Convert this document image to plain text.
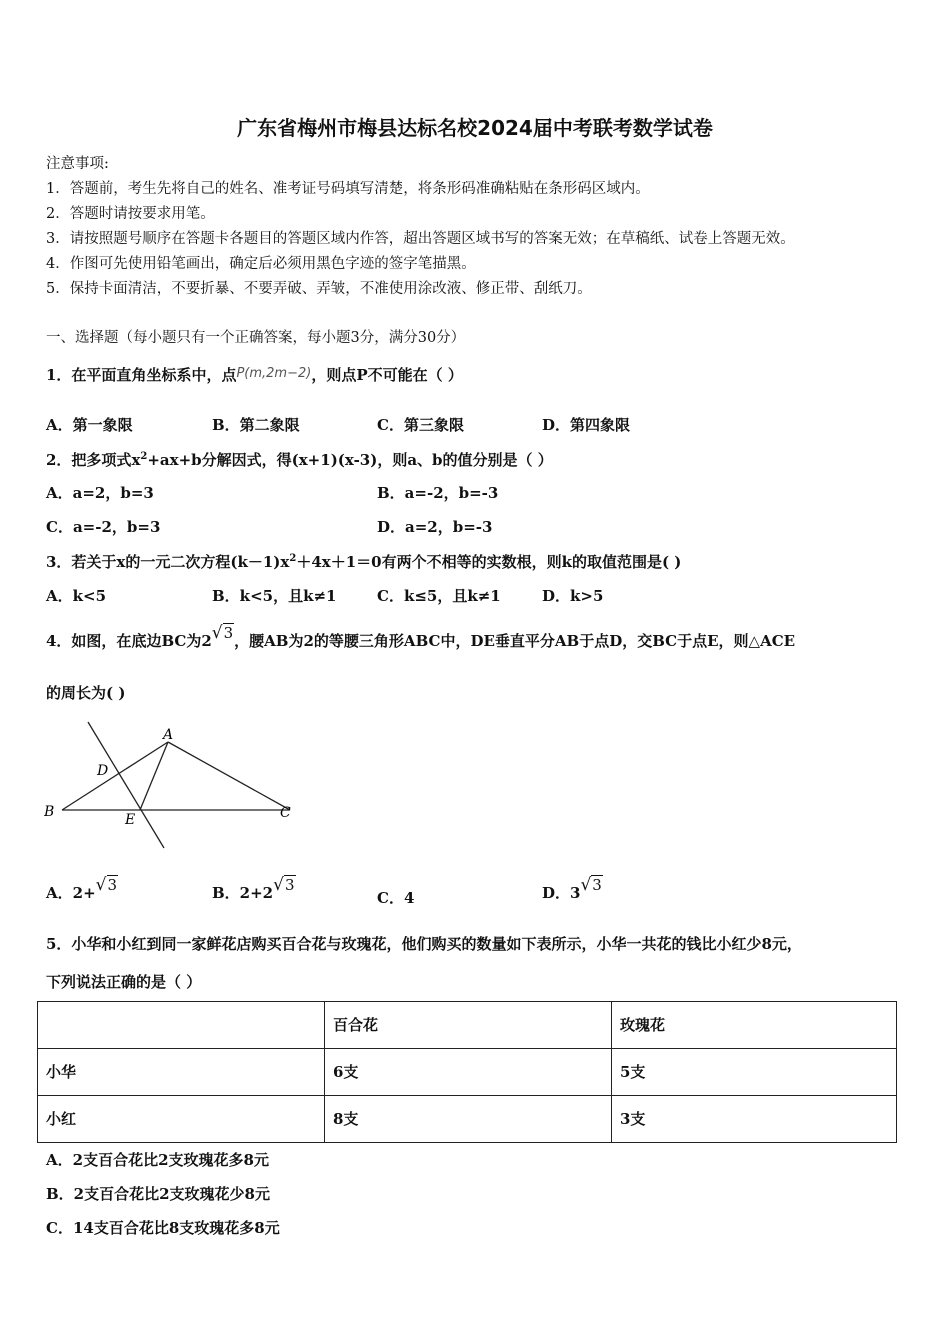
广东省梅州市梅县达标名校2024届中考联考数学试卷
注意事项:
1．答题前，考生先将自己的姓名、准考证号码填写清楚，将条形码准确粘贴在条形码区域内。
2．答题时请按要求用笔。
3．请按照题号顺序在答题卡各题目的答题区域内作答，超出答题区域书写的答案无效；在草稿纸、试卷上答题无效。
4．作图可先使用铅笔画出，确定后必须用黑色字迹的签字笔描黑。
5．保持卡面清洁，不要折暴、不要弄破、弄皱，不准使用涂改液、修正带、刮纸刀。
一、选择题（每小题只有一个正确答案，每小题3分，满分30分）
1．在平面直角坐标系中，点P(m,2m−2)，则点P不可能在（ ）
A．第一象限	B．第二象限	C．第三象限	D．第四象限
2．把多项式$x^2+ax+b$分解因式，得(x+1)(x-3)，则a、b的值分别是（ ）
A．a=2，b=3	B．a=-2，b=-3
C．a=-2，b=3	D．a=2，b=-3
3．若关于x的一元二次方程$(k-1)x^2+4x+1=0$有两个不相等的实数根，则k的取值范围是( )
A．k<5	B．k<5，且k≠1	C．k≤5，且k≠1	D．k>5
4．如图，在底边BC为2√3，腰AB为2的等腰三角形ABC中，DE垂直平分AB于点D，交BC于点E，则△ACE
的周长为( )
A
D
B	E	C
A．2+√3	B．2+2√3
C．4	D．3√3
5．小华和小红到同一家鲜花店购买百合花与玫瑰花，他们购买的数量如下表所示，小华一共花的钱比小红少8元，
下列说法正确的是（ ）

	百合花	玫瑰花

小华	6支	5支

小红	8支	3支
A．2支百合花比2支玫瑰花多8元
B．2支百合花比2支玫瑰花少8元
C．14支百合花比8支玫瑰花多8元
